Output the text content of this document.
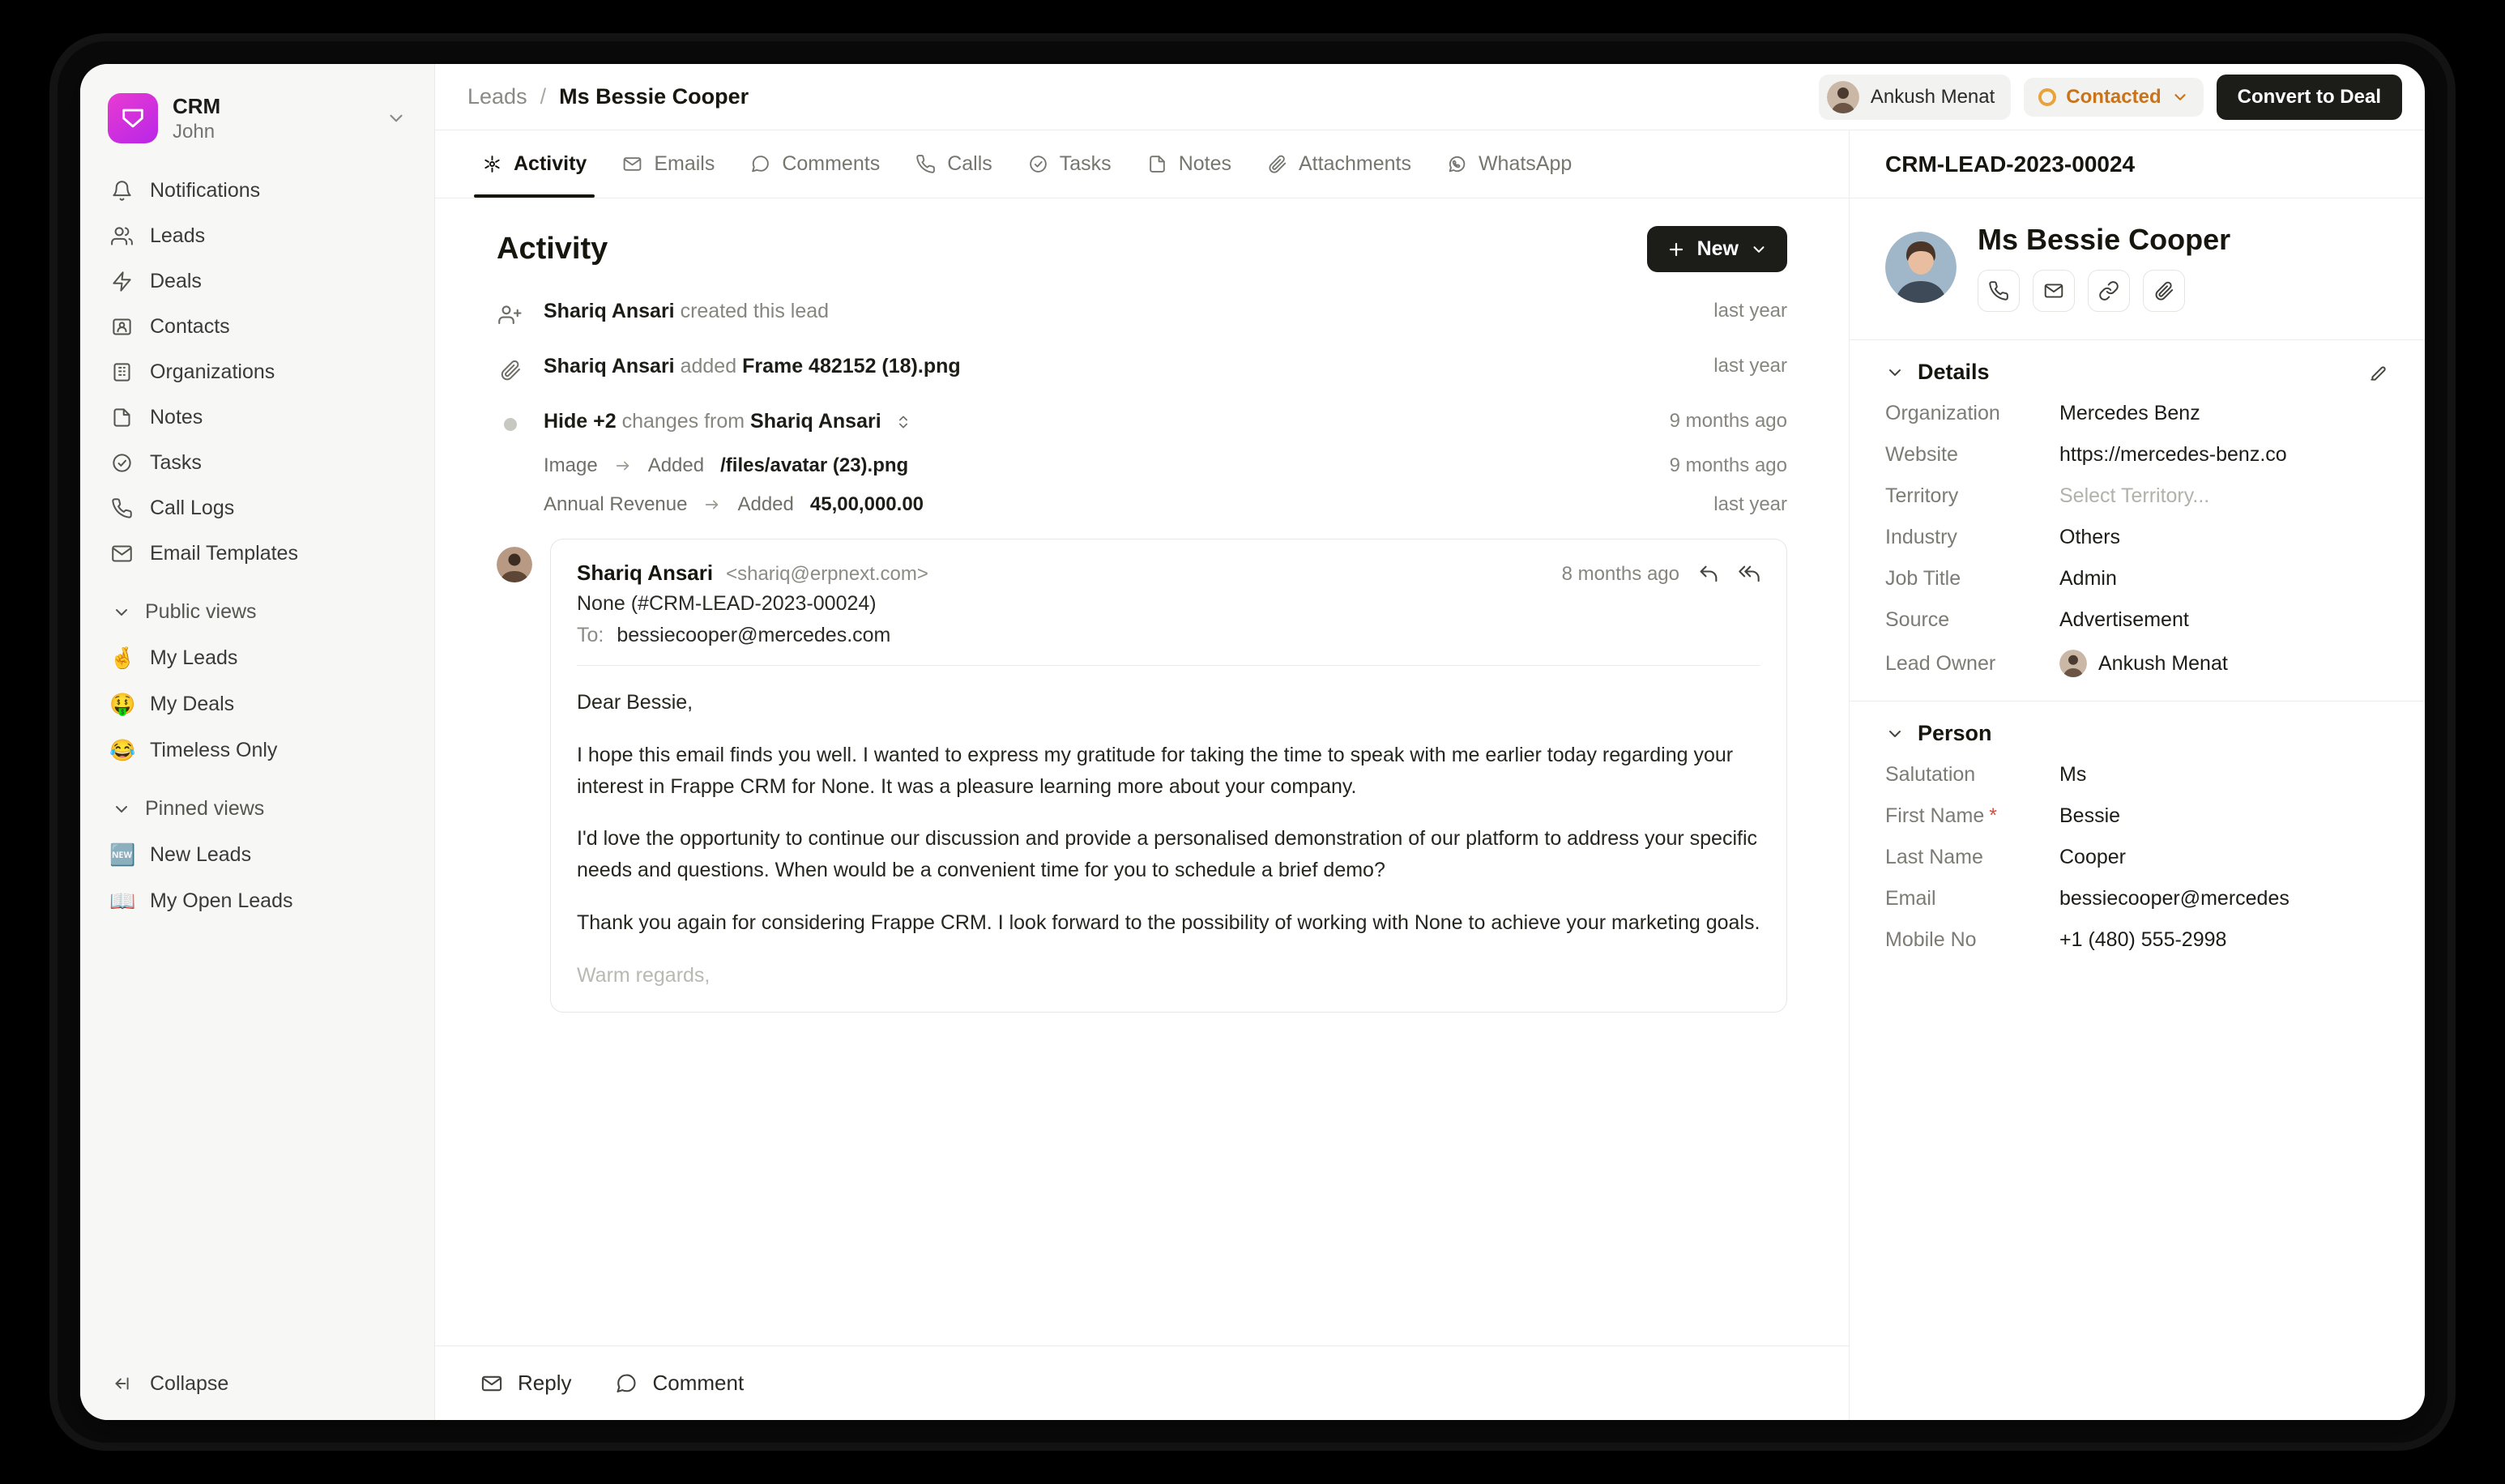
CRM
John
Notifications
Leads
Deals
Contacts
Organizations
Notes
Tasks
Call Logs
Email Templates
Public views
🤞 My Leads
🤑 My Deals
😂 Timeless Only
Pinned views
🆕 New Leads
📖 My Open Leads
Collapse
Leads / Ms Bessie Cooper	Ankush Menat	Contacted	Convert to Deal
Activity	Emails	Comments	Calls	Tasks	Notes	Attachments	WhatsApp
Activity	New
Shariq Ansari created this lead	last year
Shariq Ansari added Frame 482152 (18).png	last year
Hide +2 changes from Shariq Ansari	9 months ago
Image	Added /files/avatar (23).png	9 months ago
Annual Revenue	Added 45,00,000.00	last year
Shariq Ansari <shariq@erpnext.com>	8 months ago
None (#CRM-LEAD-2023-00024)
To: bessiecooper@mercedes.com

Dear Bessie,

I hope this email finds you well. I wanted to express my gratitude for taking the time to speak with me earlier today regarding your interest in Frappe CRM for None. It was a pleasure learning more about your company.

I'd love the opportunity to continue our discussion and provide a personalised demonstration of our platform to address your specific needs and questions. When would be a convenient time for you to schedule a brief demo?

Thank you again for considering Frappe CRM. I look forward to the possibility of working with None to achieve your marketing goals.

Warm regards,

Reply	Comment
CRM-LEAD-2023-00024
Ms Bessie Cooper
Details
Organization	Mercedes Benz
Website	https://mercedes-benz.co
Territory	Select Territory...
Industry	Others
Job Title	Admin
Source	Advertisement
Lead Owner	Ankush Menat
Person
Salutation	Ms
First Name *	Bessie
Last Name	Cooper
Email	bessiecooper@mercedes
Mobile No	+1 (480) 555-2998
